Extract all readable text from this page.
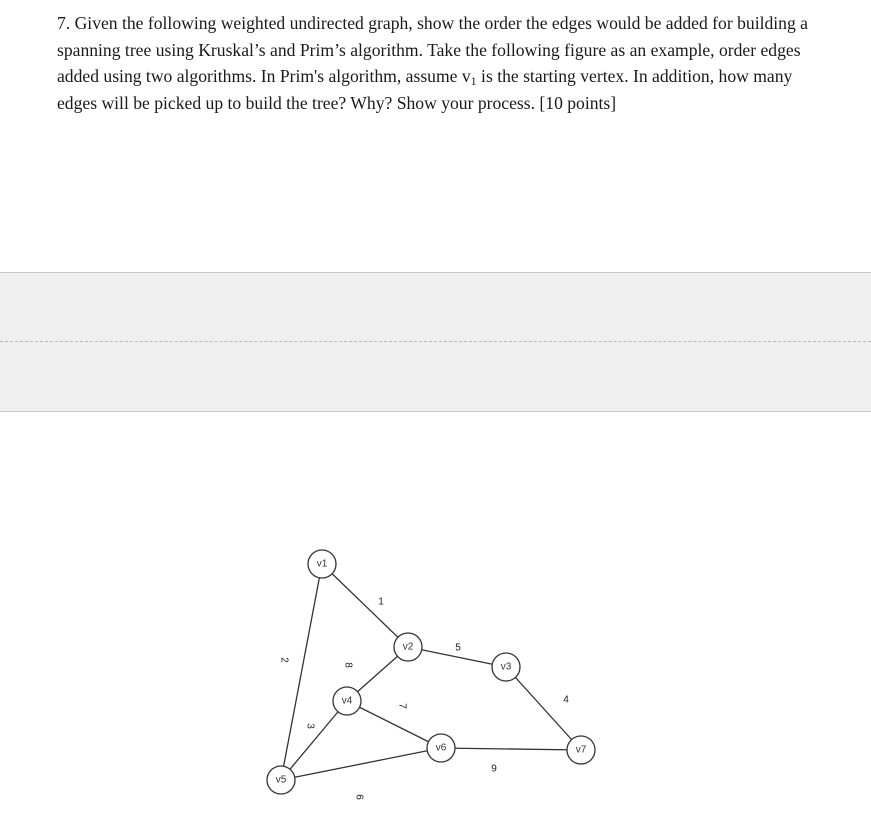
7. Given the following weighted undirected graph, show the order the edges would be added for building a spanning tree using Kruskal’s and Prim’s algorithm. Take the following figure as an example, order edges added using two algorithms. In Prim's algorithm, assume $v_1$ is the starting vertex. In addition, how many edges will be picked up to build the tree? Why? Show your process. [10 points]

1
2
3
4
5
6
7
8
9
v1
v2
v3
v4
v5
v6	v7
